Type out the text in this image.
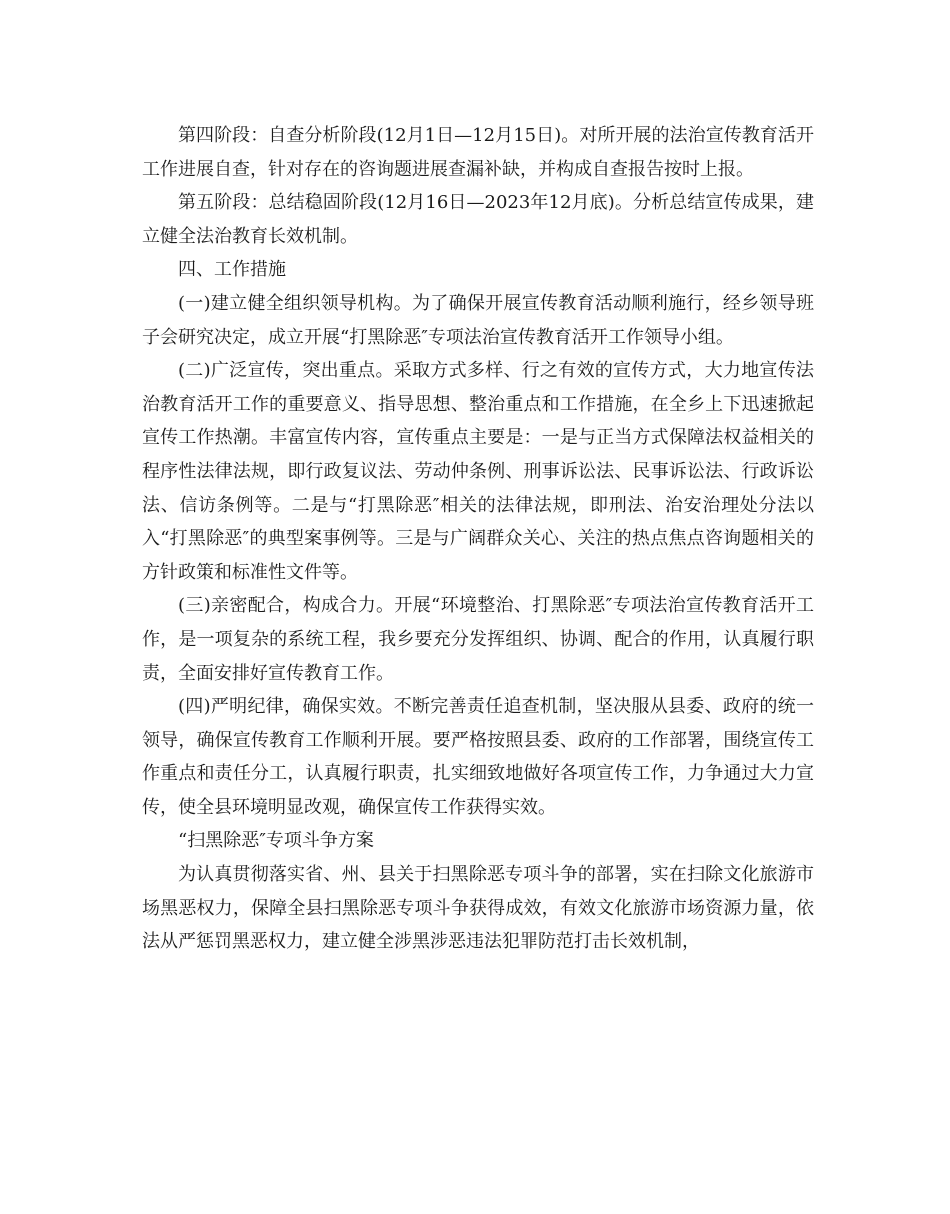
第四阶段：自查分析阶段(12月1日—12月15日)。对所开展的法治宣传教育活开工作进展自查，针对存在的咨询题进展查漏补缺，并构成自查报告按时上报。

第五阶段：总结稳固阶段(12月16日—2023年12月底)。分析总结宣传成果，建立健全法治教育长效机制。

四、工作措施

(一)建立健全组织领导机构。为了确保开展宣传教育活动顺利施行，经乡领导班子会研究决定，成立开展“打黑除恶″专项法治宣传教育活开工作领导小组。

(二)广泛宣传，突出重点。采取方式多样、行之有效的宣传方式，大力地宣传法治教育活开工作的重要意义、指导思想、整治重点和工作措施，在全乡上下迅速掀起宣传工作热潮。丰富宣传内容，宣传重点主要是：一是与正当方式保障法权益相关的程序性法律法规，即行政复议法、劳动仲条例、刑事诉讼法、民事诉讼法、行政诉讼法、信访条例等。二是与“打黑除恶″相关的法律法规，即刑法、治安治理处分法以入“打黑除恶″的典型案事例等。三是与广阔群众关心、关注的热点焦点咨询题相关的方针政策和标准性文件等。

(三)亲密配合，构成合力。开展“环境整治、打黑除恶″专项法治宣传教育活开工作，是一项复杂的系统工程，我乡要充分发挥组织、协调、配合的作用，认真履行职责，全面安排好宣传教育工作。

(四)严明纪律，确保实效。不断完善责任追查机制，坚决服从县委、政府的统一领导，确保宣传教育工作顺利开展。要严格按照县委、政府的工作部署，围绕宣传工作重点和责任分工，认真履行职责，扎实细致地做好各项宣传工作，力争通过大力宣传，使全县环境明显改观，确保宣传工作获得实效。

“扫黑除恶″专项斗争方案

为认真贯彻落实省、州、县关于扫黑除恶专项斗争的部署，实在扫除文化旅游市场黑恶权力，保障全县扫黑除恶专项斗争获得成效，有效文化旅游市场资源力量，依法从严惩罚黑恶权力，建立健全涉黑涉恶违法犯罪防范打击长效机制，
